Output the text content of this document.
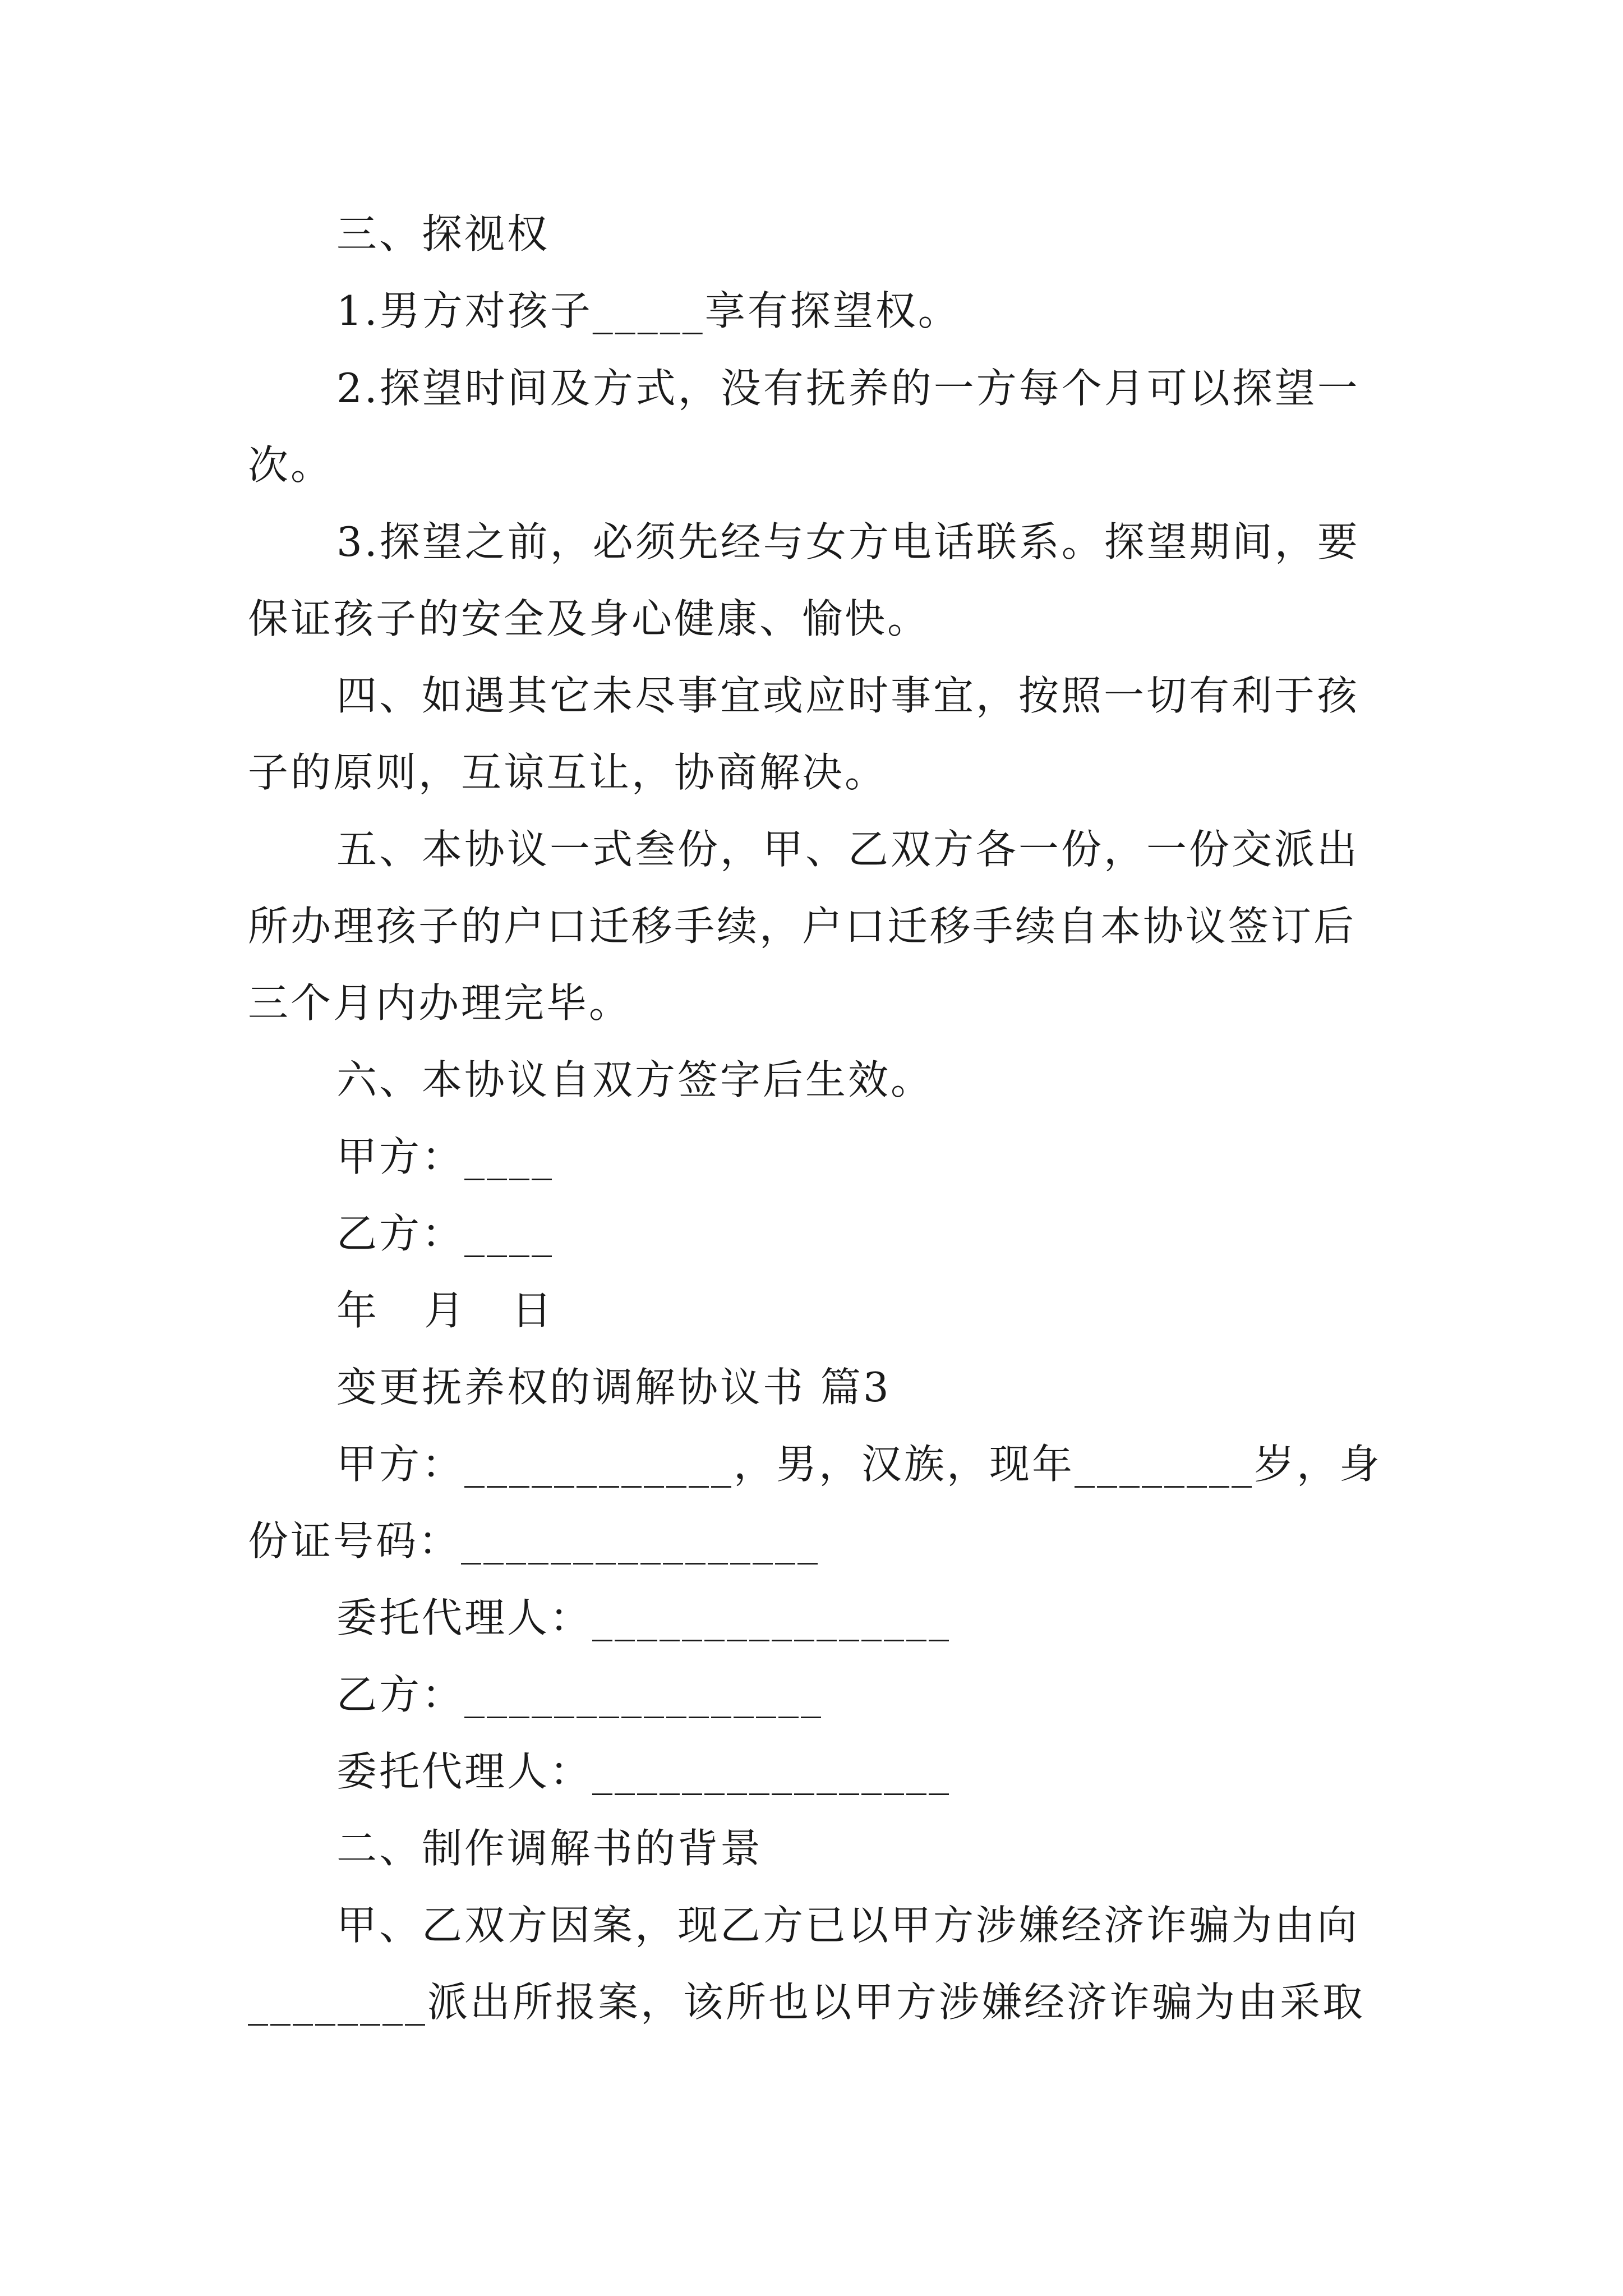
三、探视权
1.男方对孩子_____享有探望权。
2.探望时间及方式，没有抚养的一方每个月可以探望一
次。
3.探望之前，必须先经与女方电话联系。探望期间，要
保证孩子的安全及身心健康、愉快。
四、如遇其它未尽事宜或应时事宜，按照一切有利于孩
子的原则，互谅互让，协商解决。
五、本协议一式叁份，甲、乙双方各一份，一份交派出
所办理孩子的户口迁移手续，户口迁移手续自本协议签订后
三个月内办理完毕。
六、本协议自双方签字后生效。
甲方：____
乙方：____
年 月 日
变更抚养权的调解协议书 篇3
甲方：____________，男，汉族，现年________岁，身
份证号码：________________
委托代理人：________________
乙方：________________
委托代理人：________________
二、制作调解书的背景
甲、乙双方因案，现乙方已以甲方涉嫌经济诈骗为由向
________派出所报案，该所也以甲方涉嫌经济诈骗为由采取
